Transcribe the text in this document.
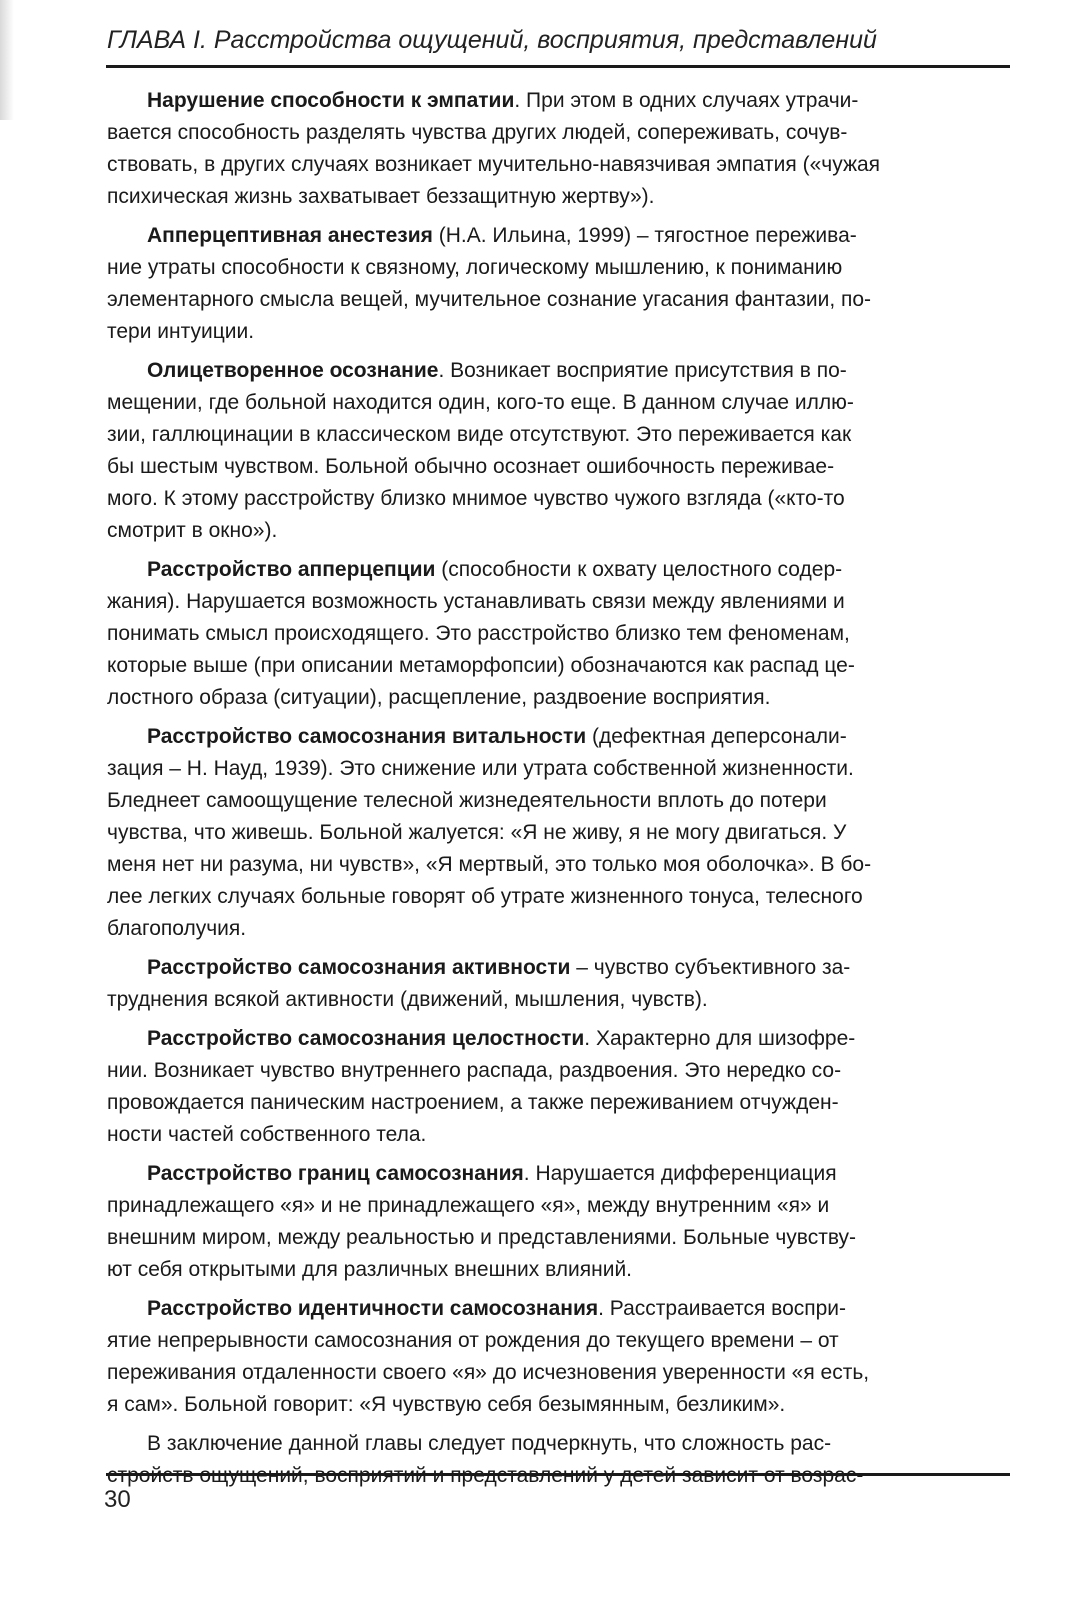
ГЛАВА I. Расстройства ощущений, восприятия, представлений

Нарушение способности к эмпатии. При этом в одних случаях утрачи-
вается способность разделять чувства других людей, сопереживать, сочув-
ствовать, в других случаях возникает мучительно-навязчивая эмпатия («чужая
психическая жизнь захватывает беззащитную жертву»).

Апперцептивная анестезия (Н.А. Ильина, 1999) – тягостное пережива-
ние утраты способности к связному, логическому мышлению, к пониманию
элементарного смысла вещей, мучительное сознание угасания фантазии, по-
тери интуиции.

Олицетворенное осознание. Возникает восприятие присутствия в по-
мещении, где больной находится один, кого-то еще. В данном случае иллю-
зии, галлюцинации в классическом виде отсутствуют. Это переживается как
бы шестым чувством. Больной обычно осознает ошибочность переживае-
мого. К этому расстройству близко мнимое чувство чужого взгляда («кто-то
смотрит в окно»).

Расстройство апперцепции (способности к охвату целостного содер-
жания). Нарушается возможность устанавливать связи между явлениями и
понимать смысл происходящего. Это расстройство близко тем феноменам,
которые выше (при описании метаморфопсии) обозначаются как распад це-
лостного образа (ситуации), расщепление, раздвоение восприятия.

Расстройство самосознания витальности (дефектная деперсонали-
зация – Н. Науд, 1939). Это снижение или утрата собственной жизненности.
Бледнеет самоощущение телесной жизнедеятельности вплоть до потери
чувства, что живешь. Больной жалуется: «Я не живу, я не могу двигаться. У
меня нет ни разума, ни чувств», «Я мертвый, это только моя оболочка». В бо-
лее легких случаях больные говорят об утрате жизненного тонуса, телесного
благополучия.

Расстройство самосознания активности – чувство субъективного за-
труднения всякой активности (движений, мышления, чувств).

Расстройство самосознания целостности. Характерно для шизофре-
нии. Возникает чувство внутреннего распада, раздвоения. Это нередко со-
провождается паническим настроением, а также переживанием отчужден-
ности частей собственного тела.

Расстройство границ самосознания. Нарушается дифференциация
принадлежащего «я» и не принадлежащего «я», между внутренним «я» и
внешним миром, между реальностью и представлениями. Больные чувству-
ют себя открытыми для различных внешних влияний.

Расстройство идентичности самосознания. Расстраивается воспри-
ятие непрерывности самосознания от рождения до текущего времени – от
переживания отдаленности своего «я» до исчезновения уверенности «я есть,
я сам». Больной говорит: «Я чувствую себя безымянным, безликим».

В заключение данной главы следует подчеркнуть, что сложность рас-

30
